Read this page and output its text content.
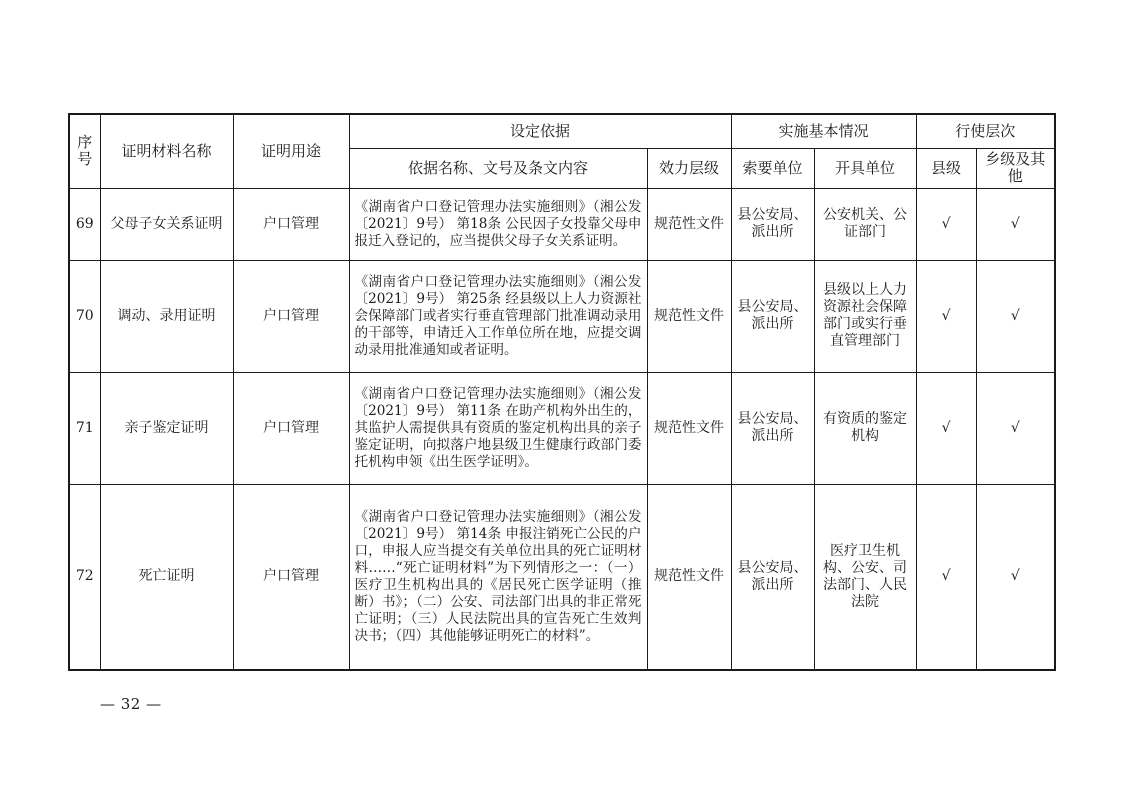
序号	证明材料名称	证明用途	设定依据		实施基本情况		行使层次	
			依据名称、文号及条文内容	效力层级	索要单位	开具单位	县级	乡级及其他
69	父母子女关系证明	户口管理	《湖南省户口登记管理办法实施细则》（湘公发〔2021〕9号） 第18条 公民因子女投靠父母申报迁入登记的，应当提供父母子女关系证明。	规范性文件	县公安局、派出所	公安机关、公证部门	√	√
70	调动、录用证明	户口管理	《湖南省户口登记管理办法实施细则》（湘公发〔2021〕9号） 第25条 经县级以上人力资源社会保障部门或者实行垂直管理部门批准调动录用的干部等，申请迁入工作单位所在地，应提交调动录用批准通知或者证明。	规范性文件	县公安局、派出所	县级以上人力资源社会保障部门或实行垂直管理部门	√	√
71	亲子鉴定证明	户口管理	《湖南省户口登记管理办法实施细则》（湘公发〔2021〕9号） 第11条 在助产机构外出生的，其监护人需提供具有资质的鉴定机构出具的亲子鉴定证明，向拟落户地县级卫生健康行政部门委托机构申领《出生医学证明》。	规范性文件	县公安局、派出所	有资质的鉴定机构	√	√
72	死亡证明	户口管理	《湖南省户口登记管理办法实施细则》（湘公发〔2021〕9号） 第14条 申报注销死亡公民的户口，申报人应当提交有关单位出具的死亡证明材料……“死亡证明材料”为下列情形之一：（一）医疗卫生机构出具的《居民死亡医学证明（推断）书》；（二）公安、司法部门出具的非正常死亡证明；（三）人民法院出具的宣告死亡生效判决书；（四）其他能够证明死亡的材料”。	规范性文件	县公安局、派出所	医疗卫生机构、公安、司法部门、人民法院	√	√
— 32 —
